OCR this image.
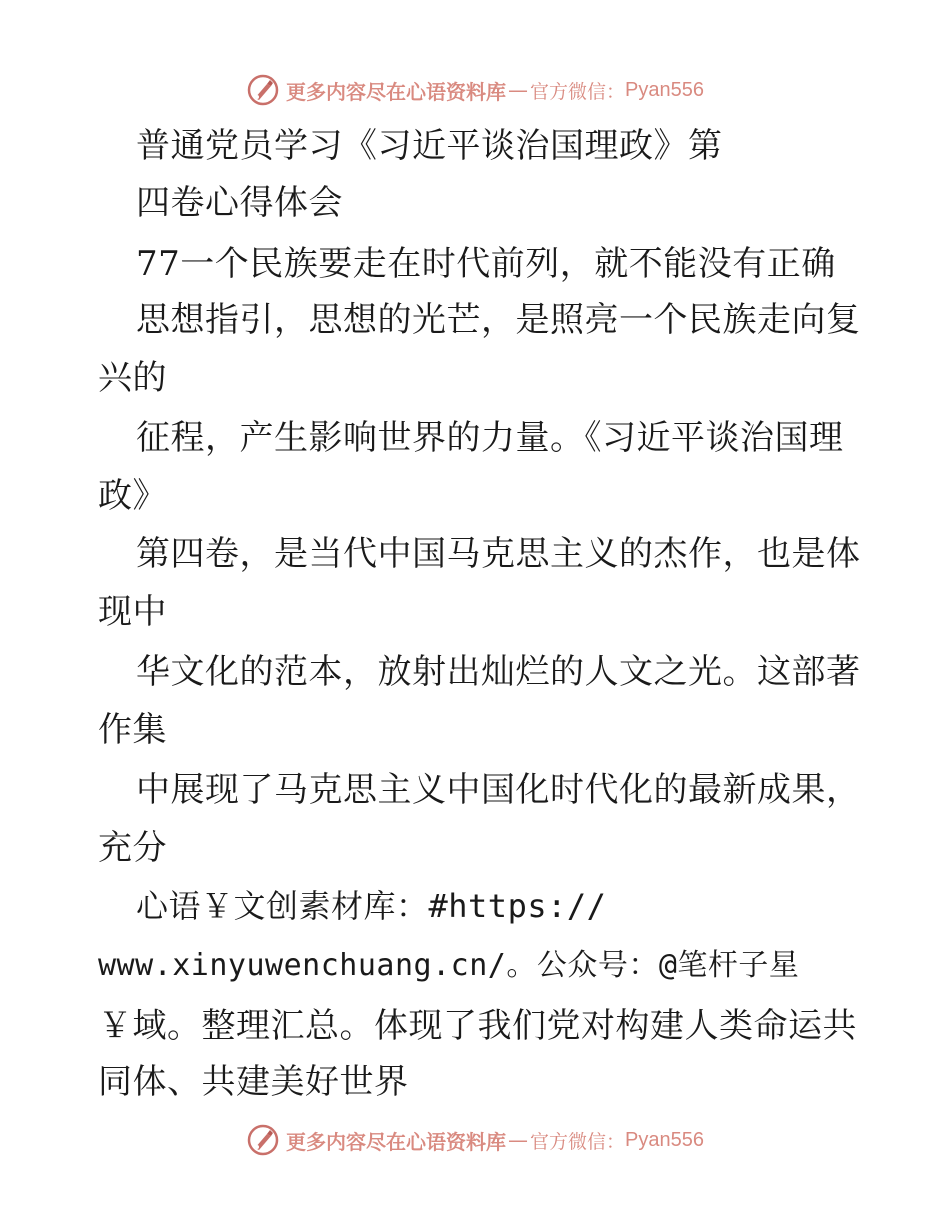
更多内容尽在心语资料库 — 官方微信： Pyan556
普通党员学习《习近平谈治国理政》第
四卷心得体会
77一个民族要走在时代前列，就不能没有正确
思想指引，思想的光芒，是照亮一个民族走向复
兴的
征程，产生影响世界的力量。《习近平谈治国理
政》
第四卷，是当代中国马克思主义的杰作，也是体
现中
华文化的范本，放射出灿烂的人文之光。这部著
作集
中展现了马克思主义中国化时代化的最新成果，
充分
心语￥文创素材库：#https://
www.xinyuwenchuang.cn/。公众号：@笔杆子星
￥域。整理汇总。体现了我们党对构建人类命运共
同体、共建美好世界
更多内容尽在心语资料库 — 官方微信： Pyan556
